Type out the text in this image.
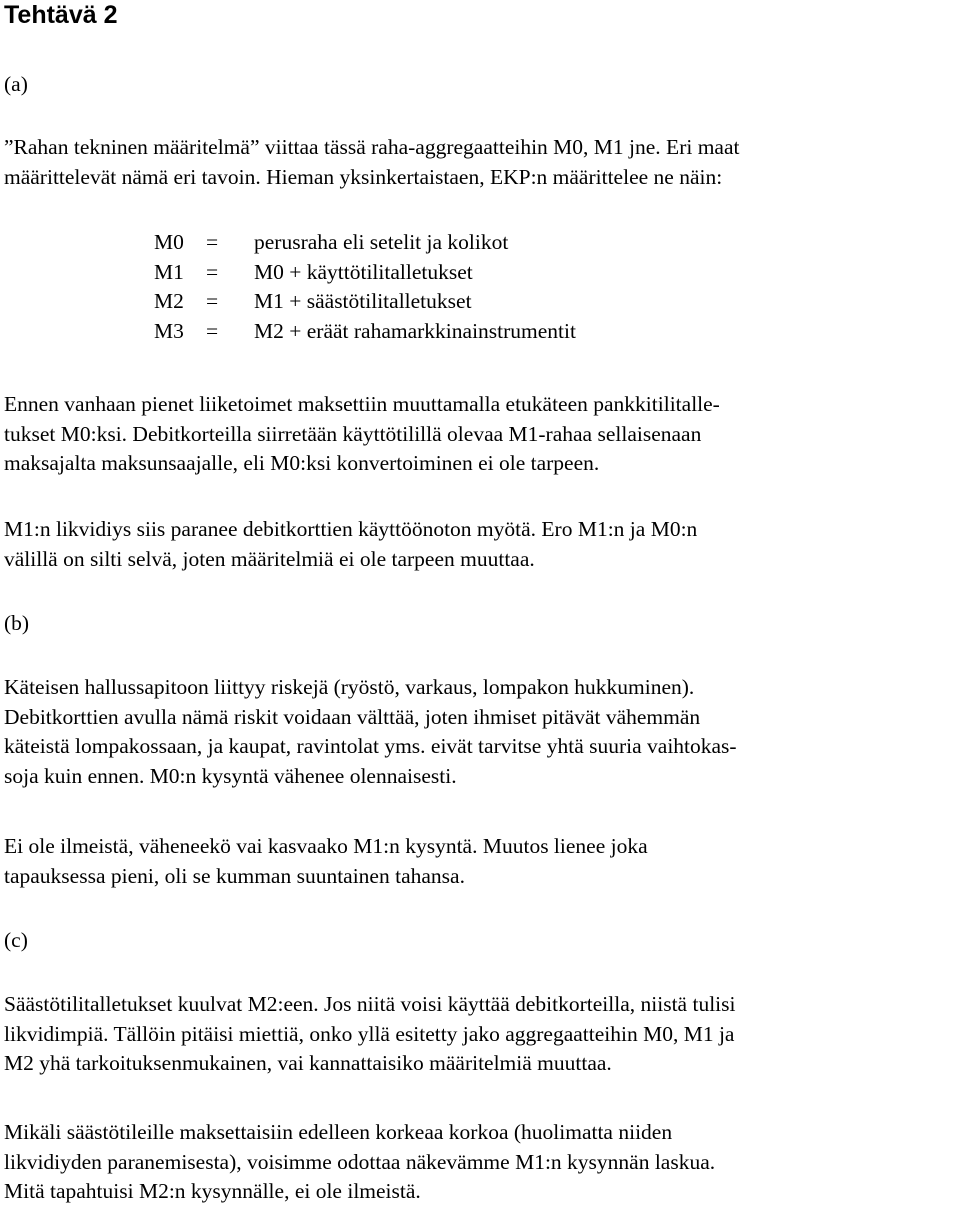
Tehtävä 2

(a)

”Rahan tekninen määritelmä” viittaa tässä raha-aggregaatteihin M0, M1 jne. Eri maat
määrittelevät nämä eri tavoin. Hieman yksinkertaistaen, EKP:n määrittelee ne näin:

M0	=	perusraha eli setelit ja kolikot
M1	=	M0 + käyttötilitalletukset
M2	=	M1 + säästötilitalletukset
M3	=	M2 + eräät rahamarkkinainstrumentit

Ennen vanhaan pienet liiketoimet maksettiin muuttamalla etukäteen pankkitilitalle-
tukset M0:ksi. Debitkorteilla siirretään käyttötilillä olevaa M1-rahaa sellaisenaan
maksajalta maksunsaajalle, eli M0:ksi konvertoiminen ei ole tarpeen.

M1:n likvidiys siis paranee debitkorttien käyttöönoton myötä. Ero M1:n ja M0:n
välillä on silti selvä, joten määritelmiä ei ole tarpeen muuttaa.

(b)

Käteisen hallussapitoon liittyy riskejä (ryöstö, varkaus, lompakon hukkuminen).
Debitkorttien avulla nämä riskit voidaan välttää, joten ihmiset pitävät vähemmän
käteistä lompakossaan, ja kaupat, ravintolat yms. eivät tarvitse yhtä suuria vaihtokas-
soja kuin ennen. M0:n kysyntä vähenee olennaisesti.

Ei ole ilmeistä, väheneekö vai kasvaako M1:n kysyntä. Muutos lienee joka
tapauksessa pieni, oli se kumman suuntainen tahansa.

(c)

Säästötilitalletukset kuulvat M2:een. Jos niitä voisi käyttää debitkorteilla, niistä tulisi
likvidimpiä. Tällöin pitäisi miettiä, onko yllä esitetty jako aggregaatteihin M0, M1 ja
M2 yhä tarkoituksenmukainen, vai kannattaisiko määritelmiä muuttaa.

Mikäli säästötileille maksettaisiin edelleen korkeaa korkoa (huolimatta niiden
likvidiyden paranemisesta), voisimme odottaa näkevämme M1:n kysynnän laskua.
Mitä tapahtuisi M2:n kysynnälle, ei ole ilmeistä.
